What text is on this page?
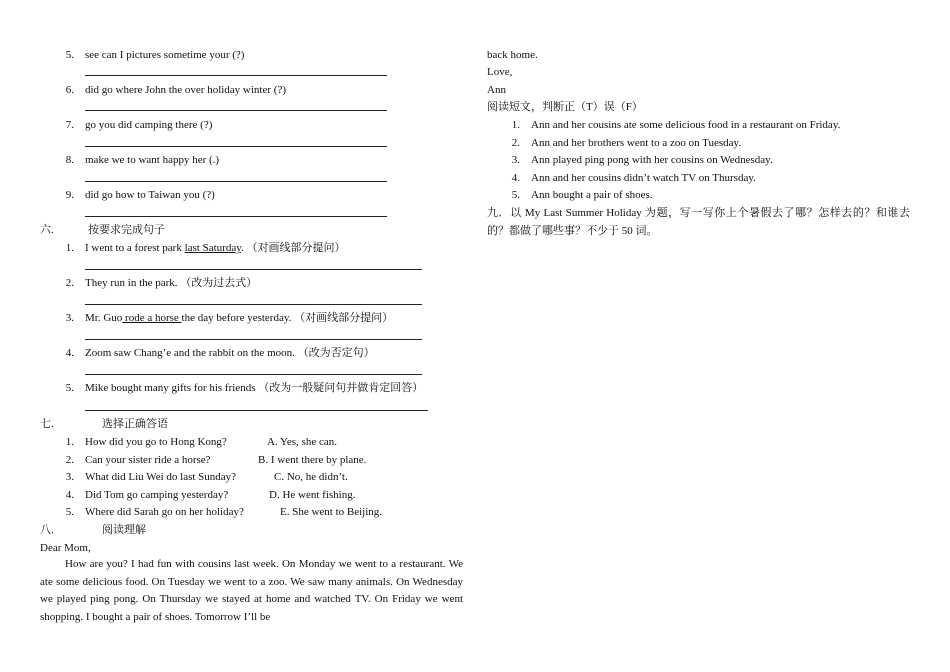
5. see can I pictures sometime your (?)
6. did go where John the over holiday winter (?)
7. go you did camping there (?)
8. make we to want happy her (.)
9. did go how to Taiwan you (?)
六.	按要求完成句子
1. I went to a forest park last Saturday. （对画线部分提问）
2. They run in the park. （改为过去式）
3. Mr. Guo rode a horse the day before yesterday. （对画线部分提问）
4. Zoom saw Chang’e and the rabbit on the moon. （改为否定句）
5. Mike bought many gifts for his friends （改为一般疑问句并做肯定回答）
七.	选择正确答语
1. How did you go to Hong Kong?	A. Yes, she can.
2. Can your sister ride a horse?	B. I went there by plane.
3. What did Liu Wei do last Sunday?	C. No, he didn’t.
4. Did Tom go camping yesterday?	D. He went fishing.
5. Where did Sarah go on her holiday?	E. She went to Beijing.
八.	阅读理解
Dear Mom,

How are you? I had fun with cousins last week. On Monday we went to a restaurant. We ate some delicious food. On Tuesday we went to a zoo. We saw many animals. On Wednesday we played ping pong. On Thursday we stayed at home and watched TV. On Friday we went shopping. I bought a pair of shoes. Tomorrow I’ll be

back home.
Love,
Ann
阅读短文，判断正（T）误（F）
1. Ann and her cousins ate some delicious food in a restaurant on Friday.
2. Ann and her brothers went to a zoo on Tuesday.
3. Ann played ping pong with her cousins on Wednesday.
4. Ann and her cousins didn’t watch TV on Thursday.
5. Ann bought a pair of shoes.

九．以 My Last Summer Holiday 为题，写一写你上个暑假去了哪？怎样去的？和谁去的？都做了哪些事？不少于 50 词。
